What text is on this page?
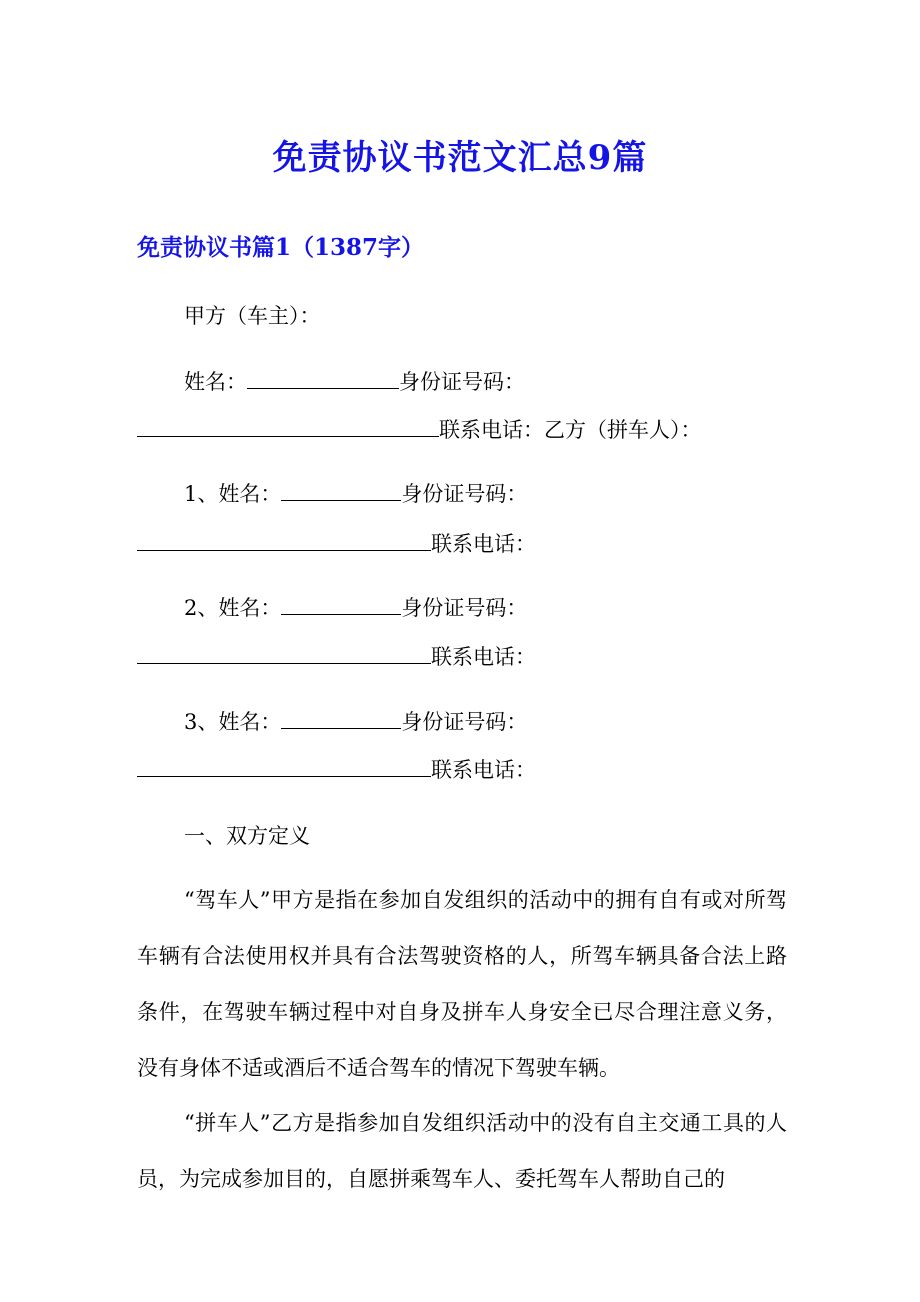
免责协议书范文汇总9篇
免责协议书篇1（1387字）
甲方（车主）：
姓名：	身份证号码：
联系电话：乙方（拼车人）：
1、姓名：	身份证号码：
联系电话：
2、姓名：	身份证号码：
联系电话：
3、姓名：	身份证号码：
联系电话：
一、双方定义
“驾车人”甲方是指在参加自发组织的活动中的拥有自有或对所驾车辆有合法使用权并具有合法驾驶资格的人，所驾车辆具备合法上路条件，在驾驶车辆过程中对自身及拼车人身安全已尽合理注意义务，没有身体不适或酒后不适合驾车的情况下驾驶车辆。
“拼车人”乙方是指参加自发组织活动中的没有自主交通工具的人员，为完成参加目的，自愿拼乘驾车人、委托驾车人帮助自己的
